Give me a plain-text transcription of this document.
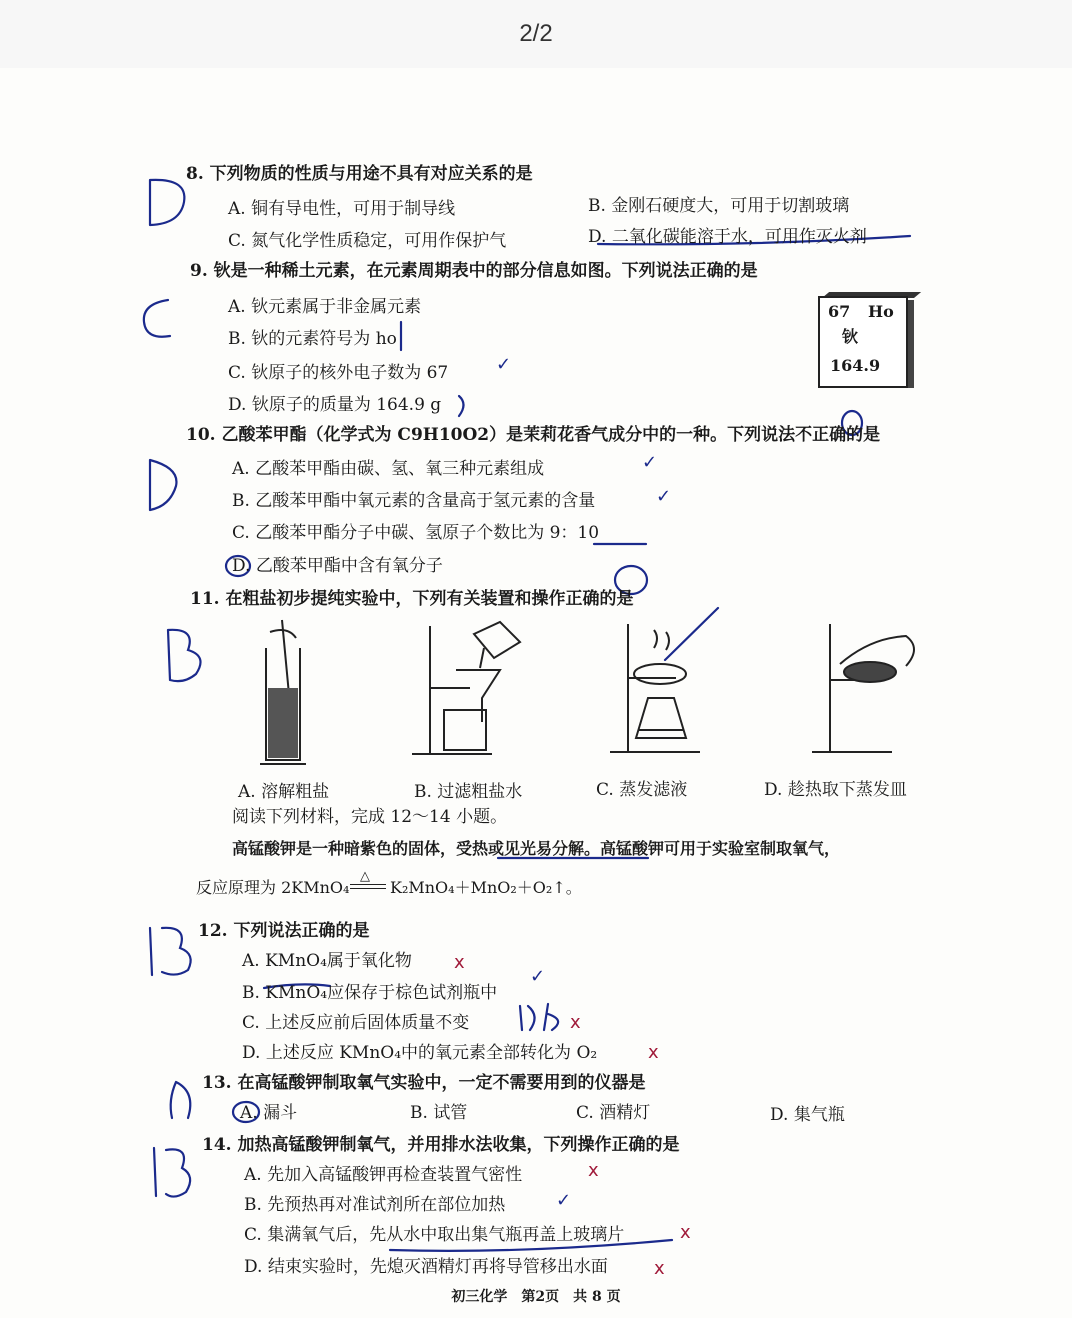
2/2
8. 下列物质的性质与用途不具有对应关系的是
A. 铜有导电性，可用于制导线	B. 金刚石硬度大，可用于切割玻璃
C. 氮气化学性质稳定，可用作保护气	D. 二氧化碳能溶于水，可用作灭火剂
9. 钬是一种稀土元素，在元素周期表中的部分信息如图。下列说法正确的是
A. 钬元素属于非金属元素
B. 钬的元素符号为 ho
C. 钬原子的核外电子数为 67
D. 钬原子的质量为 164.9 g
✓
67 Ho
钬
164.9
10. 乙酸苯甲酯（化学式为 C9H10O2）是茉莉花香气成分中的一种。下列说法不正确的是
A. 乙酸苯甲酯由碳、氢、氧三种元素组成
B. 乙酸苯甲酯中氧元素的含量高于氢元素的含量
C. 乙酸苯甲酯分子中碳、氢原子个数比为 9：10
D. 乙酸苯甲酯中含有氧分子
✓
✓
11. 在粗盐初步提纯实验中，下列有关装置和操作正确的是
A. 溶解粗盐	B. 过滤粗盐水	C. 蒸发滤液	D. 趁热取下蒸发皿
阅读下列材料，完成 12～14 小题。
高锰酸钾是一种暗紫色的固体，受热或见光易分解。高锰酸钾可用于实验室制取氧气，
反应原理为 2KMnO₄
△
K₂MnO₄＋MnO₂＋O₂↑。
12. 下列说法正确的是
A. KMnO₄属于氧化物
B. KMnO₄应保存于棕色试剂瓶中
C. 上述反应前后固体质量不变
D. 上述反应 KMnO₄中的氧元素全部转化为 O₂
x
✓
x
x
13. 在高锰酸钾制取氧气实验中，一定不需要用到的仪器是
A. 漏斗	B. 试管	C. 酒精灯	D. 集气瓶
14. 加热高锰酸钾制氧气，并用排水法收集，下列操作正确的是
A. 先加入高锰酸钾再检查装置气密性
B. 先预热再对准试剂所在部位加热
C. 集满氧气后，先从水中取出集气瓶再盖上玻璃片
D. 结束实验时，先熄灭酒精灯再将导管移出水面
x
✓
x
x
初三化学　第2页　共 8 页
